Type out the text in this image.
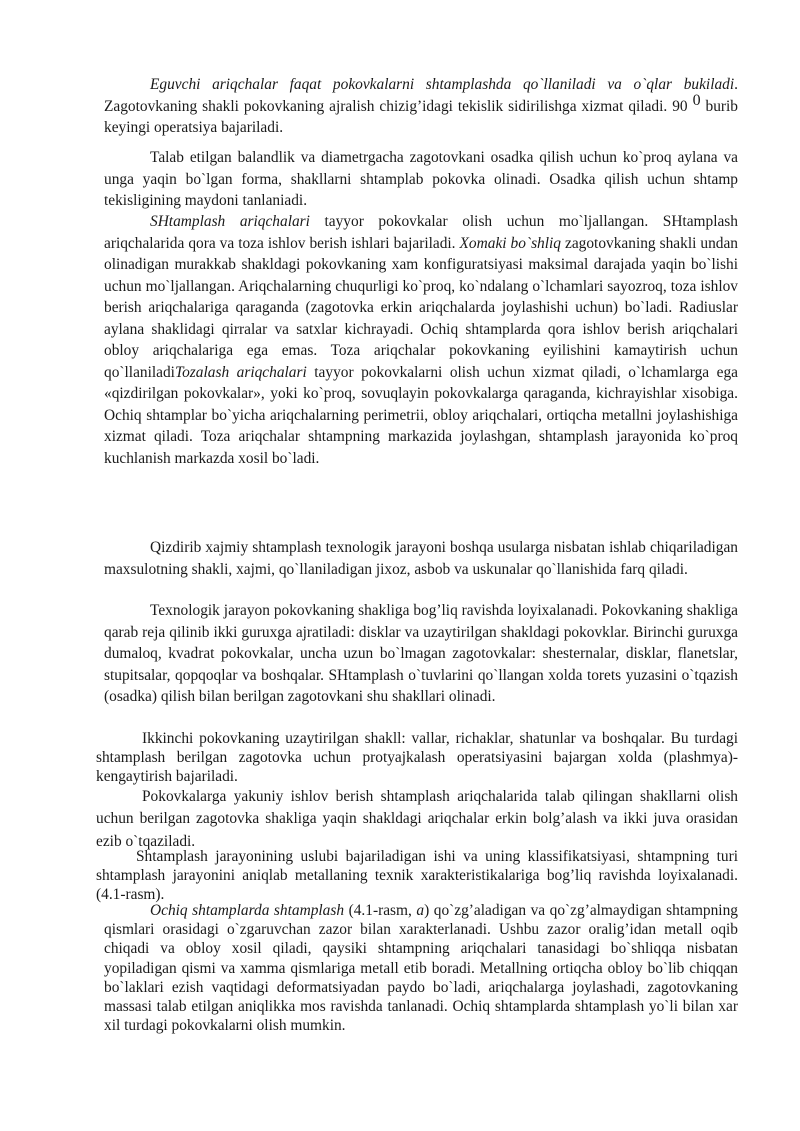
Eguvchi ariqchalar faqat pokovkalarni shtamplashda qo`llaniladi va o`qlar bukiladi. Zagotovkaning shakli pokovkaning ajralish chizig’idagi tekislik sidirilishga xizmat qiladi. 90 $^0$ burib keyingi operatsiya bajariladi.

Talab etilgan balandlik va diametrgacha zagotovkani osadka qilish uchun ko`proq aylana va unga yaqin bo`lgan forma, shakllarni shtamplab pokovka olinadi. Osadka qilish uchun shtamp tekisligining maydoni tanlaniadi.

SHtamplash ariqchalari tayyor pokovkalar olish uchun mo`ljallangan. SHtamplash ariqchalarida qora va toza ishlov berish ishlari bajariladi. Xomaki bo`shliq zagotovkaning shakli undan olinadigan murakkab shakldagi pokovkaning xam konfiguratsiyasi maksimal darajada yaqin bo`lishi uchun mo`ljallangan. Ariqchalarning chuqurligi ko`proq, ko`ndalang o`lchamlari sayozroq, toza ishlov berish ariqchalariga qaraganda (zagotovka erkin ariqchalarda joylashishi uchun) bo`ladi. Radiuslar aylana shaklidagi qirralar va satxlar kichrayadi. Ochiq shtamplarda qora ishlov berish ariqchalari obloy ariqchalariga ega emas. Toza ariqchalar pokovkaning eyilishini kamaytirish uchun qo`llaniladiTozalash ariqchalari tayyor pokovkalarni olish uchun xizmat qiladi, o`lchamlarga ega «qizdirilgan pokovkalar», yoki ko`proq, sovuqlayin pokovkalarga qaraganda, kichrayishlar xisobiga. Ochiq shtamplar bo`yicha ariqchalarning perimetrii, obloy ariqchalari, ortiqcha metallni joylashishiga xizmat qiladi. Toza ariqchalar shtampning markazida joylashgan, shtamplash jarayonida ko`proq kuchlanish markazda xosil bo`ladi.

Qizdirib xajmiy shtamplash texnologik jarayoni boshqa usularga nisbatan ishlab chiqariladigan maxsulotning shakli, xajmi, qo`llaniladigan jixoz, asbob va uskunalar qo`llanishida farq qiladi.

Texnologik jarayon pokovkaning shakliga bog’liq ravishda loyixalanadi. Pokovkaning shakliga qarab reja qilinib ikki guruxga ajratiladi: disklar va uzaytirilgan shakldagi pokovklar. Birinchi guruxga dumaloq, kvadrat pokovkalar, uncha uzun bo`lmagan zagotovkalar: shesternalar, disklar, flanetslar, stupitsalar, qopqoqlar va boshqalar. SHtamplash o`tuvlarini qo`llangan xolda torets yuzasini o`tqazish (osadka) qilish bilan berilgan zagotovkani shu shakllari olinadi.

Ikkinchi pokovkaning uzaytirilgan shakll: vallar, richaklar, shatunlar va boshqalar. Bu turdagi shtamplash berilgan zagotovka uchun protyajkalash operatsiyasini bajargan xolda (plashmya)-kengaytirish bajariladi.

Pokovkalarga yakuniy ishlov berish shtamplash ariqchalarida talab qilingan shakllarni olish uchun berilgan zagotovka shakliga yaqin shakldagi ariqchalar erkin bolg’alash va ikki juva orasidan ezib o`tqaziladi.

Shtamplash jarayonining uslubi bajariladigan ishi va uning klassifikatsiyasi, shtampning turi shtamplash jarayonini aniqlab metallaning texnik xarakteristikalariga bog’liq ravishda loyixalanadi. (4.1-rasm).

Ochiq shtamplarda shtamplash (4.1-rasm, a) qo`zg’aladigan va qo`zg’almaydigan shtampning qismlari orasidagi o`zgaruvchan zazor bilan xarakterlanadi. Ushbu zazor oralig’idan metall oqib chiqadi va obloy xosil qiladi, qaysiki shtampning ariqchalari tanasidagi bo`shliqqa nisbatan yopiladigan qismi va xamma qismlariga metall etib boradi. Metallning ortiqcha obloy bo`lib chiqqan bo`laklari ezish vaqtidagi deformatsiyadan paydo bo`ladi, ariqchalarga joylashadi, zagotovkaning massasi talab etilgan aniqlikka mos ravishda tanlanadi. Ochiq shtamplarda shtamplash yo`li bilan xar xil turdagi pokovkalarni olish mumkin.
